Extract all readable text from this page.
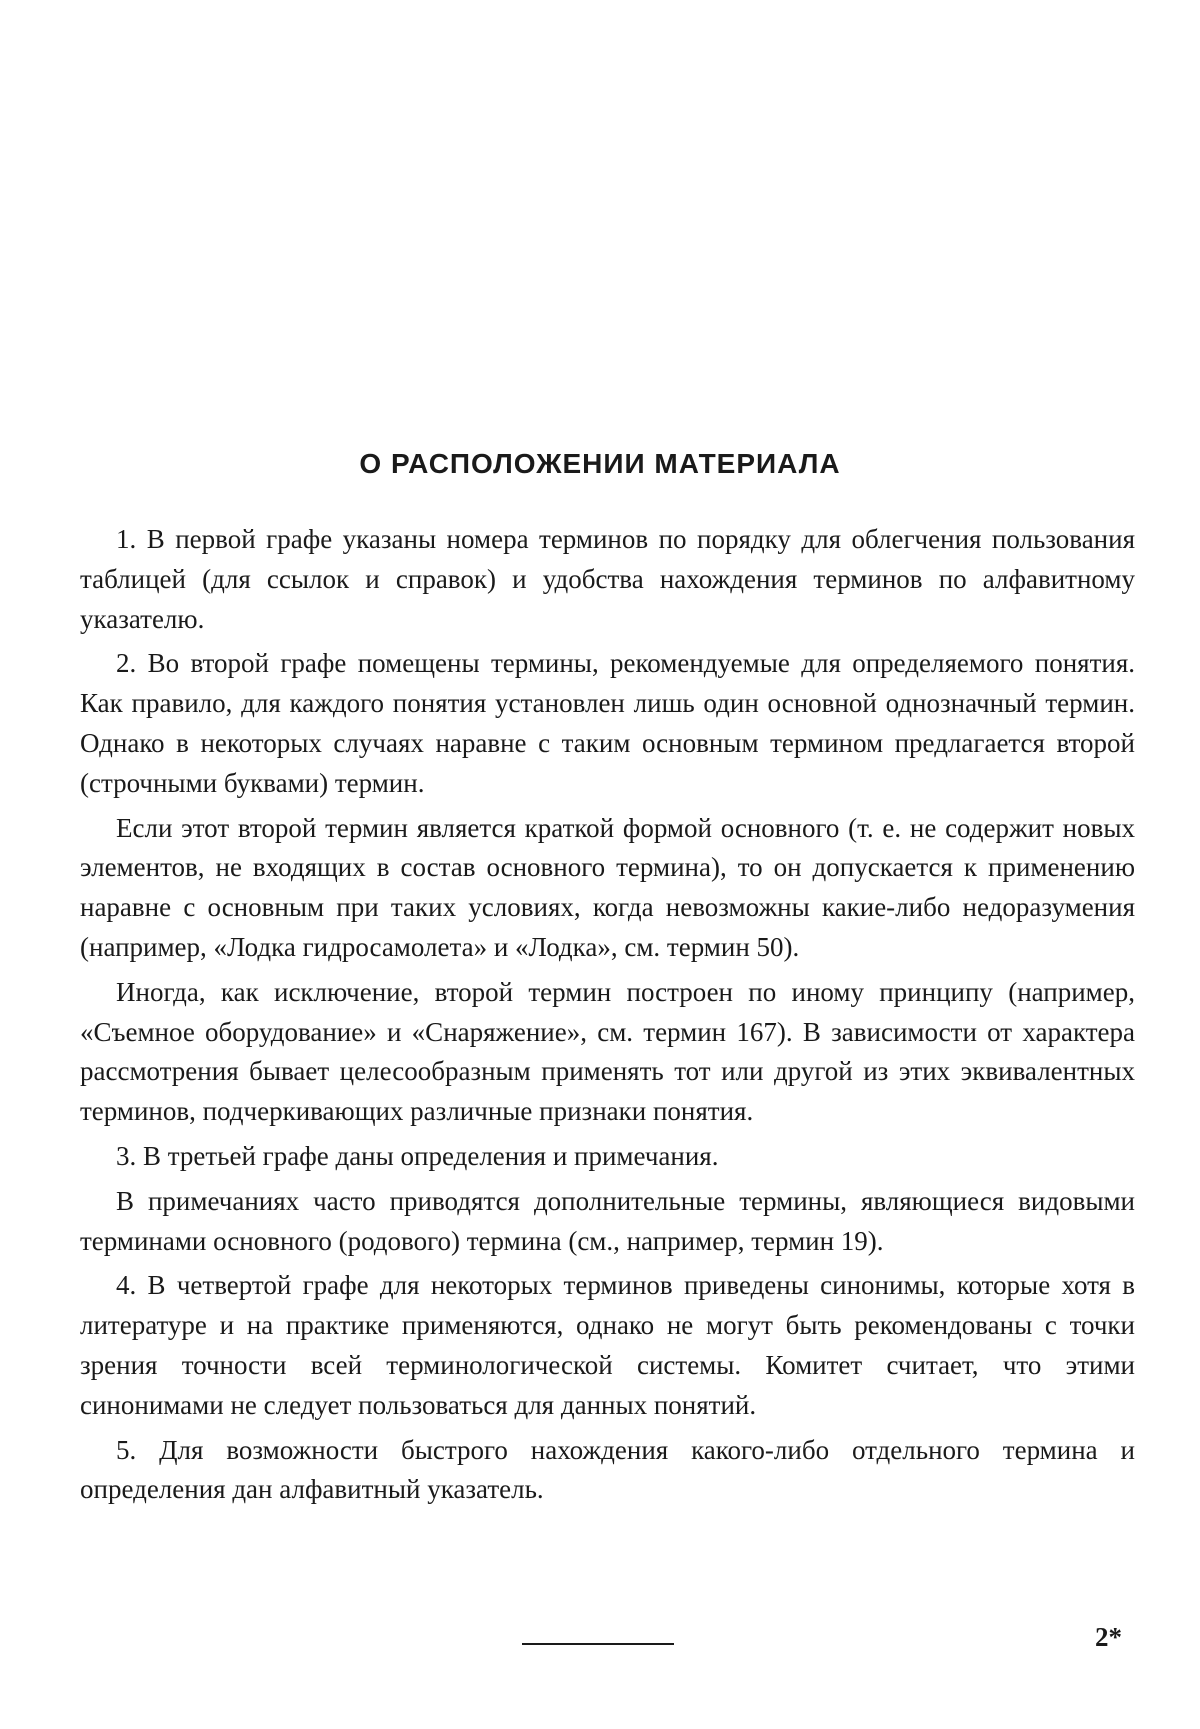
О РАСПОЛОЖЕНИИ МАТЕРИАЛА

1. В первой графе указаны номера терминов по порядку для облегчения пользования таблицей (для ссылок и справок) и удобства нахождения терминов по алфавитному указателю.

2. Во второй графе помещены термины, рекомендуемые для определяемого понятия. Как правило, для каждого понятия установлен лишь один основной однозначный термин. Однако в некоторых случаях наравне с таким основным термином предлагается второй (строчными буквами) термин.

Если этот второй термин является краткой формой основного (т. е. не содержит новых элементов, не входящих в состав основного термина), то он допускается к применению наравне с основным при таких условиях, когда невозможны какие-либо недоразумения (например, «Лодка гидросамолета» и «Лодка», см. термин 50).

Иногда, как исключение, второй термин построен по иному принципу (например, «Съемное оборудование» и «Снаряжение», см. термин 167). В зависимости от характера рассмотрения бывает целесообразным применять тот или другой из этих эквивалентных терминов, подчеркивающих различные признаки понятия.

3. В третьей графе даны определения и примечания.

В примечаниях часто приводятся дополнительные термины, являющиеся видовыми терминами основного (родового) термина (см., например, термин 19).

4. В четвертой графе для некоторых терминов приведены синонимы, которые хотя в литературе и на практике применяются, однако не могут быть рекомендованы с точки зрения точности всей терминологической системы. Комитет считает, что этими синонимами не следует пользоваться для данных понятий.

5. Для возможности быстрого нахождения какого-либо отдельного термина и определения дан алфавитный указатель.

2*
